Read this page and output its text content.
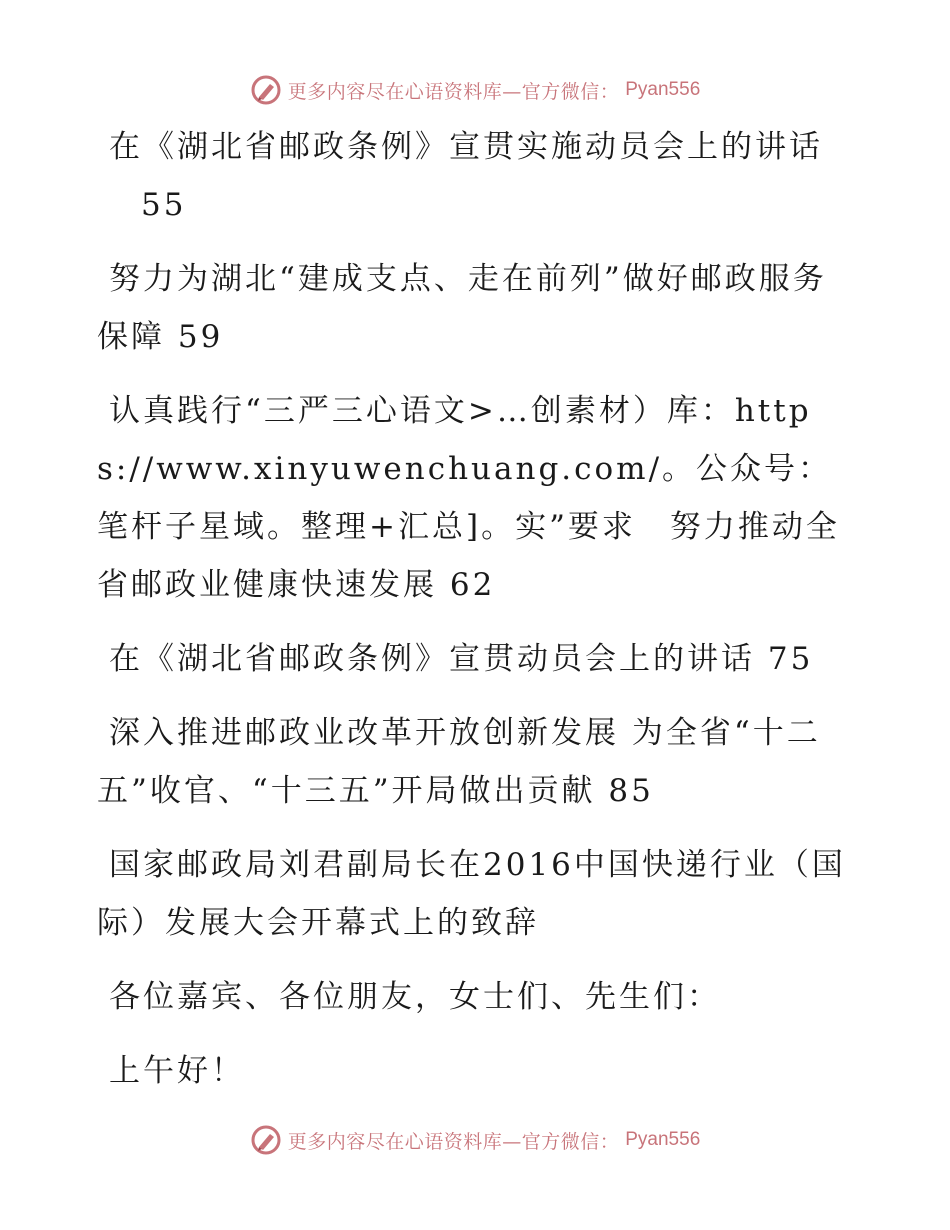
更多内容尽在心语资料库—官方微信： Pyan556

在《湖北省邮政条例》宣贯实施动员会上的讲话
55

努力为湖北“建成支点、走在前列”做好邮政服务保障 59

认真践行“三严三心语文>…创素材）库：https://www.xinyuwenchuang.com/。公众号：笔杆子星域。整理+汇总]。实”要求　努力推动全省邮政业健康快速发展 62

在《湖北省邮政条例》宣贯动员会上的讲话 75

深入推进邮政业改革开放创新发展 为全省“十二五”收官、“十三五”开局做出贡献 85

国家邮政局刘君副局长在2016中国快递行业（国际）发展大会开幕式上的致辞

各位嘉宾、各位朋友，女士们、先生们：

上午好！

更多内容尽在心语资料库—官方微信： Pyan556
